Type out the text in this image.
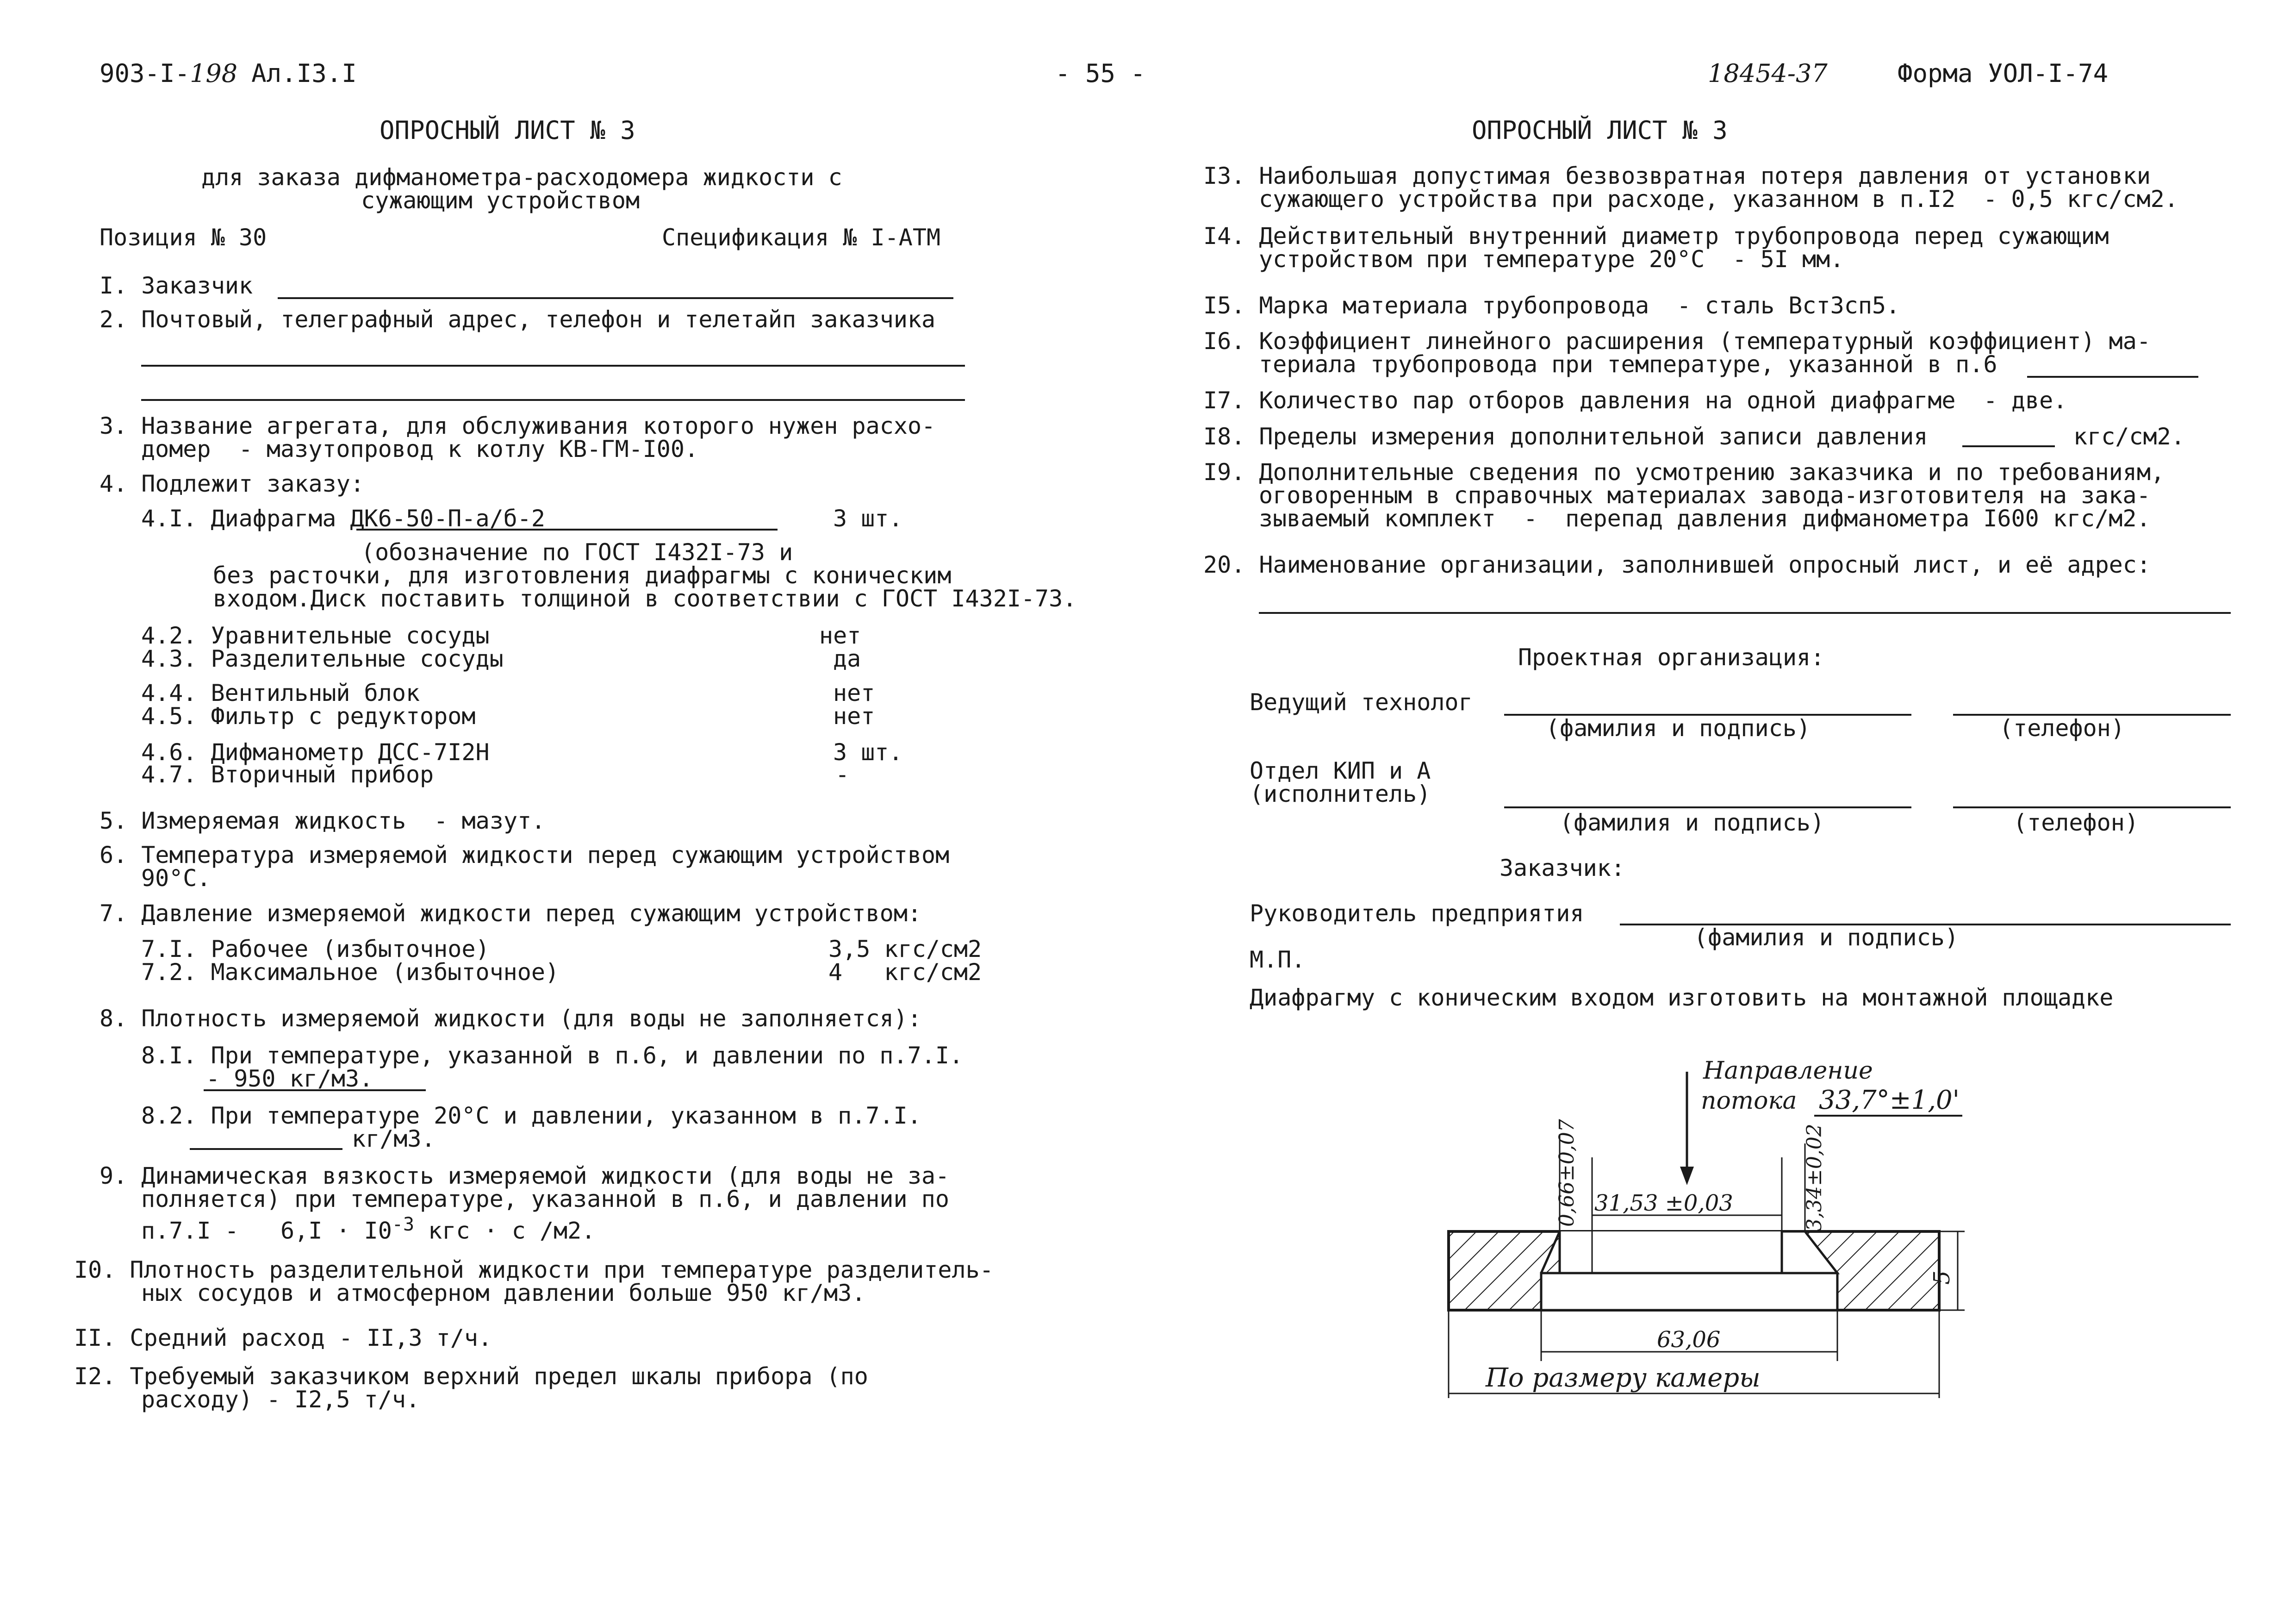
903-I-198 Ал.I3.I	- 55 -	18454-37	Форма УОЛ-I-74
ОПРОСНЫЙ ЛИСТ № 3
для заказа дифманометра-расходомера жидкости с
сужающим устройством
Позиция № 30	Спецификация № I-АТМ
I. Заказчик
2. Почтовый, телеграфный адрес, телефон и телетайп заказчика
3. Название агрегата, для обслуживания которого нужен расхо-
домер  - мазутопровод к котлу КВ-ГМ-I00.
4. Подлежит заказу:
4.I. Диафрагма ДК6-50-П-а/б-2	3 шт.
(обозначение по ГОСТ I432I-73 и
без расточки, для изготовления диафрагмы с коническим
входом.Диск поставить толщиной в соответствии с ГОСТ I432I-73.
4.2. Уравнительные сосуды	нет
4.3. Разделительные сосуды	да
4.4. Вентильный блок	нет
4.5. Фильтр с редуктором	нет
4.6. Дифманометр ДСС-7I2Н	3 шт.
4.7. Вторичный прибор	-
5. Измеряемая жидкость  - мазут.
6. Температура измеряемой жидкости перед сужающим устройством
90°С.
7. Давление измеряемой жидкости перед сужающим устройством:
7.I. Рабочее (избыточное)	3,5 кгс/см2
7.2. Максимальное (избыточное)	4   кгс/см2
8. Плотность измеряемой жидкости (для воды не заполняется):
8.I. При температуре, указанной в п.6, и давлении по п.7.I.
- 950 кг/м3.
8.2. При температуре 20°С и давлении, указанном в п.7.I.
кг/м3.
9. Динамическая вязкость измеряемой жидкости (для воды не за-
полняется) при температуре, указанной в п.6, и давлении по
$п.7.I - 6,I \cdot I0^{-3}$ кгс · с /м2.
I0. Плотность разделительной жидкости при температуре разделитель-
ных сосудов и атмосферном давлении больше 950 кг/м3.
II. Средний расход - II,3 т/ч.
I2. Требуемый заказчиком верхний предел шкалы прибора (по
расходу) - I2,5 т/ч.
ОПРОСНЫЙ ЛИСТ № 3
I3. Наибольшая допустимая безвозвратная потеря давления от установки
сужающего устройства при расходе, указанном в п.I2  - 0,5 кгс/см2.
I4. Действительный внутренний диаметр трубопровода перед сужающим
устройством при температуре 20°С  - 5I мм.
I5. Марка материала трубопровода  - сталь ВстЗсп5.
I6. Коэффициент линейного расширения (температурный коэффициент) ма-
териала трубопровода при температуре, указанной в п.6
I7. Количество пар отборов давления на одной диафрагме  - две.
I8. Пределы измерения дополнительной записи давления	кгс/см2.
I9. Дополнительные сведения по усмотрению заказчика и по требованиям,
оговоренным в справочных материалах завода-изготовителя на зака-
зываемый комплект  -  перепад давления дифманометра I600 кгс/м2.
20. Наименование организации, заполнившей опросный лист, и её адрес:
Проектная организация:
Ведущий технолог
(фамилия и подпись)	(телефон)
Отдел КИП и А
(исполнитель)
(фамилия и подпись)	(телефон)
Заказчик:
Руководитель предприятия
(фамилия и подпись)
М.П.
Диафрагму с коническим входом изготовить на монтажной площадке
Направление
потока 33,7°±1,0'
0,66±0,07 31,53 ±0,03	3,34±0,02
63,06
5
По размеру камеры
